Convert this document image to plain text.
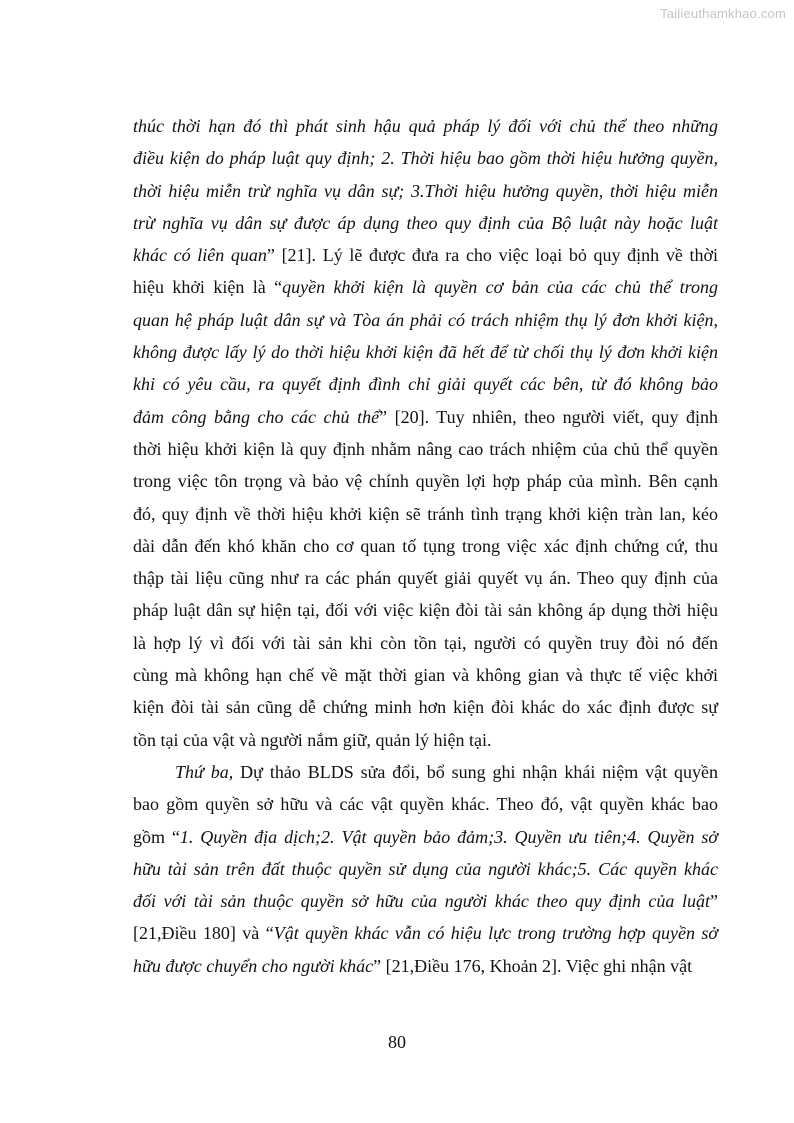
Tailieuthamkhao.com
thúc thời hạn đó thì phát sinh hậu quả pháp lý đối với chủ thể theo những
điều kiện do pháp luật quy định; 2. Thời hiệu bao gồm thời hiệu hưởng quyền,
thời hiệu miễn trừ nghĩa vụ dân sự; 3.Thời hiệu hưởng quyền, thời hiệu miễn
trừ nghĩa vụ dân sự được áp dụng theo quy định của Bộ luật này hoặc luật
khác có liên quan” [21]. Lý lẽ được đưa ra cho việc loại bỏ quy định về thời
hiệu khởi kiện là “quyền khởi kiện là quyền cơ bản của các chủ thể trong
quan hệ pháp luật dân sự và Tòa án phải có trách nhiệm thụ lý đơn khởi kiện,
không được lấy lý do thời hiệu khởi kiện đã hết để từ chối thụ lý đơn khởi kiện
khi có yêu cầu, ra quyết định đình chỉ giải quyết các bên, từ đó không bảo
đảm công bằng cho các chủ thể” [20]. Tuy nhiên, theo người viết, quy định
thời hiệu khởi kiện là quy định nhằm nâng cao trách nhiệm của chủ thể quyền
trong việc tôn trọng và bảo vệ chính quyền lợi hợp pháp của mình. Bên cạnh
đó, quy định về thời hiệu khởi kiện sẽ tránh tình trạng khởi kiện tràn lan, kéo
dài dẫn đến khó khăn cho cơ quan tố tụng trong việc xác định chứng cứ, thu
thập tài liệu cũng như ra các phán quyết giải quyết vụ án. Theo quy định của
pháp luật dân sự hiện tại, đối với việc kiện đòi tài sản không áp dụng thời hiệu
là hợp lý vì đối với tài sản khi còn tồn tại, người có quyền truy đòi nó đến
cùng mà không hạn chế về mặt thời gian và không gian và thực tế việc khởi
kiện đòi tài sản cũng dễ chứng minh hơn kiện đòi khác do xác định được sự
tồn tại của vật và người nắm giữ, quản lý hiện tại.
Thứ ba, Dự thảo BLDS sửa đổi, bổ sung ghi nhận khái niệm vật quyền
bao gồm quyền sở hữu và các vật quyền khác. Theo đó, vật quyền khác bao
gồm “1. Quyền địa dịch;2. Vật quyền bảo đảm;3. Quyền ưu tiên;4. Quyền sở
hữu tài sản trên đất thuộc quyền sử dụng của người khác;5. Các quyền khác
đối với tài sản thuộc quyền sở hữu của người khác theo quy định của luật”
[21,Điều 180] và “Vật quyền khác vẫn có hiệu lực trong trường hợp quyền sở
hữu được chuyển cho người khác” [21,Điều 176, Khoản 2]. Việc ghi nhận vật
80
